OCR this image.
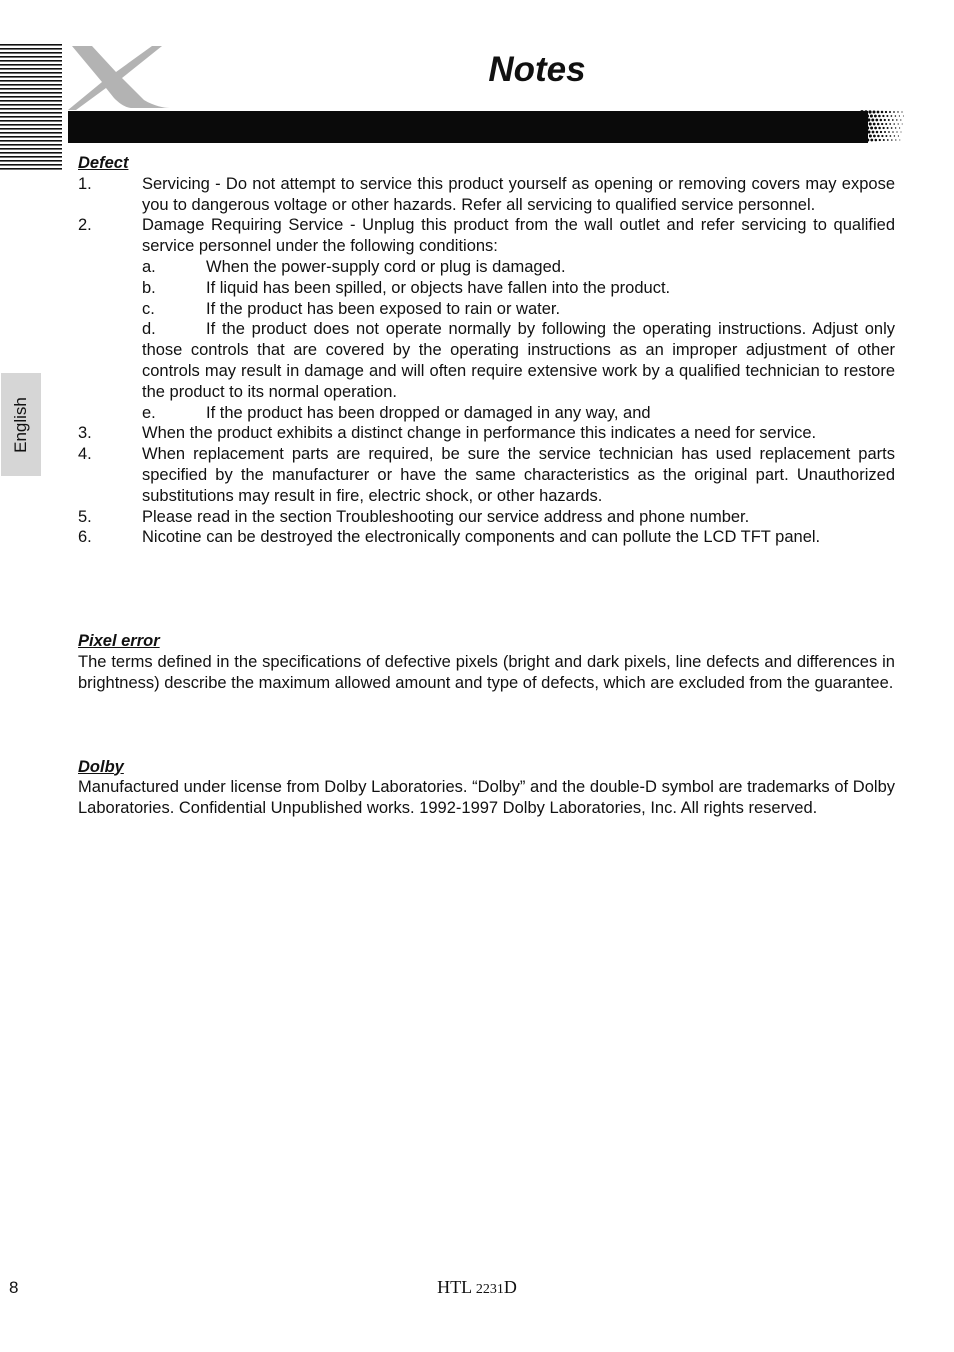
Notes
English

Defect

1.	Servicing - Do not attempt to service this product yourself as opening or removing covers may expose you to dangerous voltage or other hazards. Refer all servicing to qualified service personnel.
2.	Damage Requiring Service - Unplug this product from the wall outlet and refer servicing to qualified service personnel under the following conditions:
a.	When the power-supply cord or plug is damaged.
b.	If liquid has been spilled, or objects have fallen into the product.
c.	If the product has been exposed to rain or water.
d.	If the product does not operate normally by following the operating instructions. Adjust only those controls that are covered by the operating instructions as an improper adjustment of other controls may result in damage and will often require extensive work by a qualified technician to restore the product to its normal operation.
e.	If the product has been dropped or damaged in any way, and
3.	When the product exhibits a distinct change in performance this indicates a need for service.
4.	When replacement parts are required, be sure the service technician has used replacement parts specified by the manufacturer or have the same characteristics as the original part. Unauthorized substitutions may result in fire, electric shock, or other hazards.
5.	Please read in the section Troubleshooting our service address and phone number.
6.	Nicotine can be destroyed the electronically components and can pollute the LCD TFT panel.

Pixel error

The terms defined in the specifications of defective pixels (bright and dark pixels, line defects and differences in brightness) describe the maximum allowed amount and type of defects, which are excluded from the guarantee.

Dolby

Manufactured under license from Dolby Laboratories. “Dolby” and the double-D symbol are trademarks of Dolby Laboratories. Confidential Unpublished works. 1992-1997 Dolby Laboratories, Inc. All rights reserved.

8	HTL 2231D
